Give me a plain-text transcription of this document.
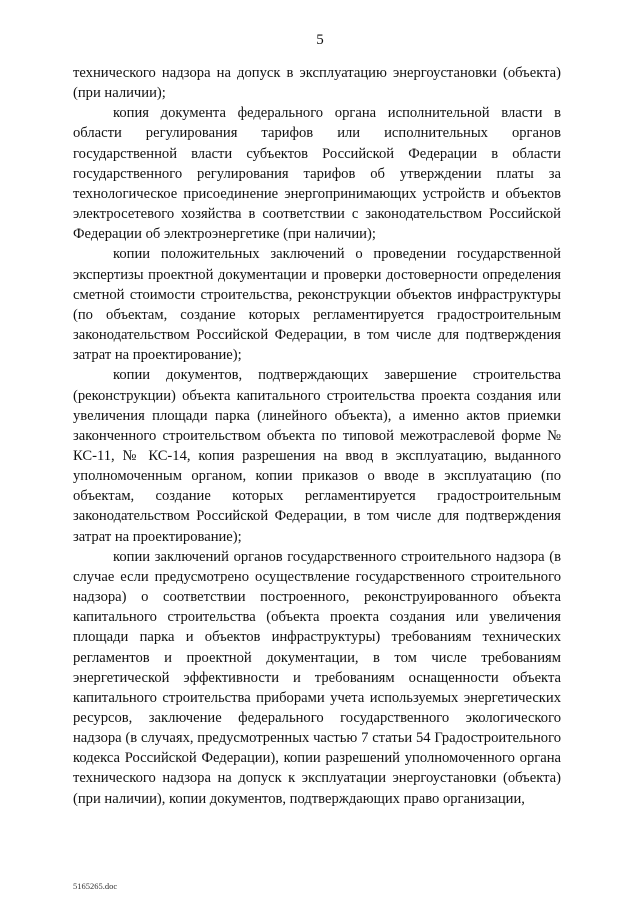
5

технического надзора на допуск в эксплуатацию энергоустановки (объекта) (при наличии);

копия документа федерального органа исполнительной власти в области регулирования тарифов или исполнительных органов государственной власти субъектов Российской Федерации в области государственного регулирования тарифов об утверждении платы за технологическое присоединение энергопринимающих устройств и объектов электросетевого хозяйства в соответствии с законодательством Российской Федерации об электроэнергетике (при наличии);

копии положительных заключений о проведении государственной экспертизы проектной документации и проверки достоверности определения сметной стоимости строительства, реконструкции объектов инфраструктуры (по объектам, создание которых регламентируется градостроительным законодательством Российской Федерации, в том числе для подтверждения затрат на проектирование);

копии документов, подтверждающих завершение строительства (реконструкции) объекта капитального строительства проекта создания или увеличения площади парка (линейного объекта), а именно актов приемки законченного строительством объекта по типовой межотраслевой форме № КС-11, № КС-14, копия разрешения на ввод в эксплуатацию, выданного уполномоченным органом, копии приказов о вводе в эксплуатацию (по объектам, создание которых регламентируется градостроительным законодательством Российской Федерации, в том числе для подтверждения затрат на проектирование);

копии заключений органов государственного строительного надзора (в случае если предусмотрено осуществление государственного строительного надзора) о соответствии построенного, реконструированного объекта капитального строительства (объекта проекта создания или увеличения площади парка и объектов инфраструктуры) требованиям технических регламентов и проектной документации, в том числе требованиям энергетической эффективности и требованиям оснащенности объекта капитального строительства приборами учета используемых энергетических ресурсов, заключение федерального государственного экологического надзора (в случаях, предусмотренных частью 7 статьи 54 Градостроительного кодекса Российской Федерации), копии разрешений уполномоченного органа технического надзора на допуск к эксплуатации энергоустановки (объекта) (при наличии), копии документов, подтверждающих право организации,

5165265.doc
